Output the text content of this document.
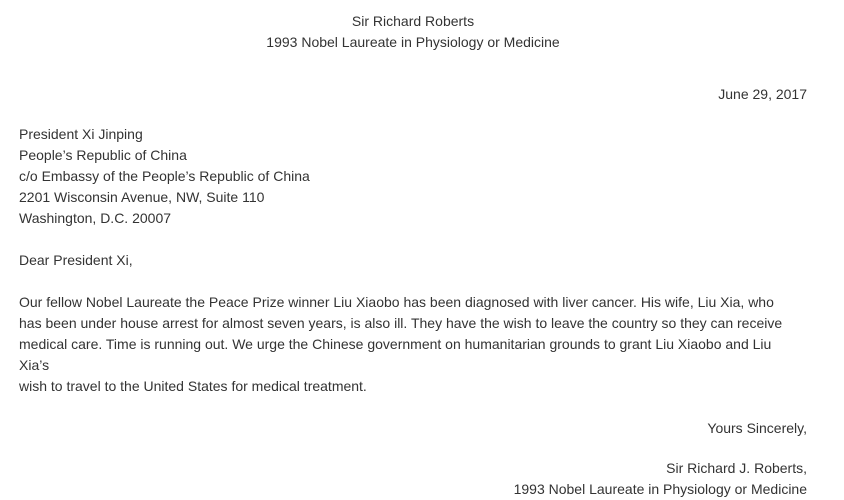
Sir Richard Roberts
1993 Nobel Laureate in Physiology or Medicine
June 29, 2017
President Xi Jinping
People’s Republic of China
c/o Embassy of the People’s Republic of China
2201 Wisconsin Avenue, NW, Suite 110
Washington, D.C. 20007
Dear President Xi,
Our fellow Nobel Laureate the Peace Prize winner Liu Xiaobo has been diagnosed with liver cancer. His wife, Liu Xia, who
has been under house arrest for almost seven years, is also ill. They have the wish to leave the country so they can receive
medical care. Time is running out. We urge the Chinese government on humanitarian grounds to grant Liu Xiaobo and Liu
Xia’s
wish to travel to the United States for medical treatment.
Yours Sincerely,
Sir Richard J. Roberts,
1993 Nobel Laureate in Physiology or Medicine
